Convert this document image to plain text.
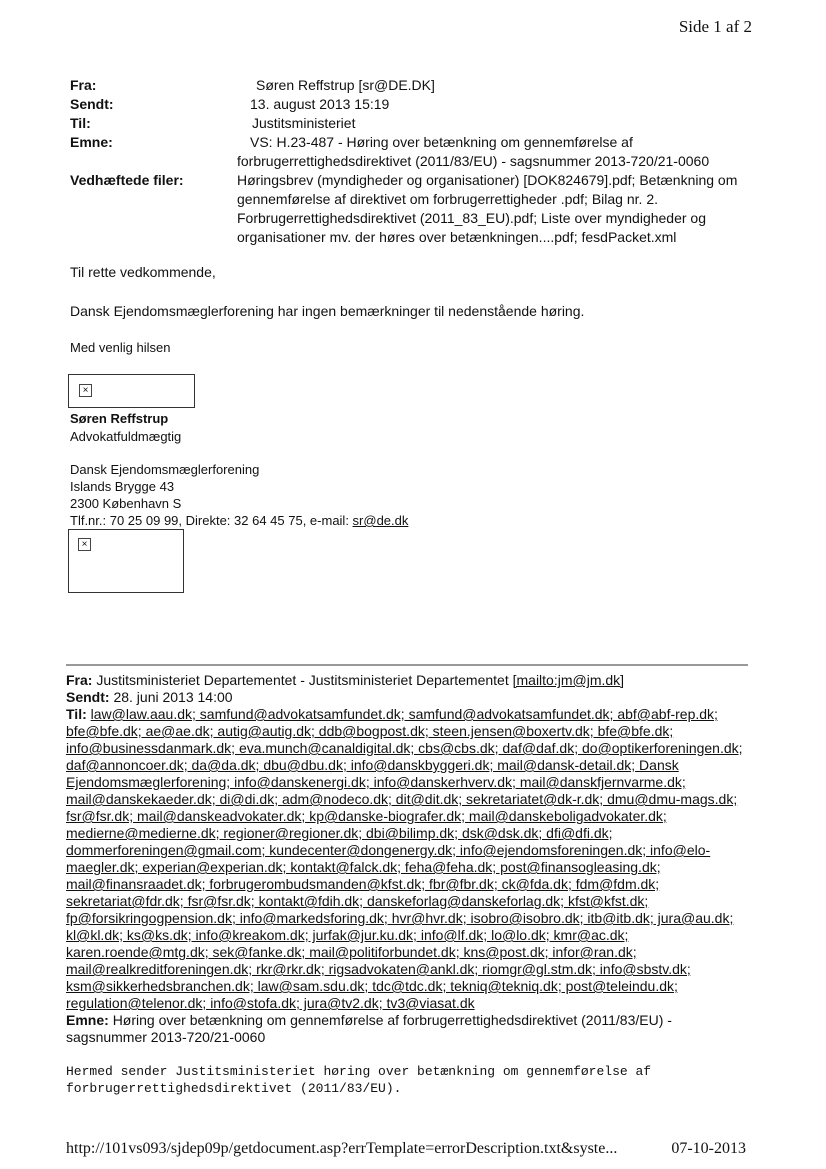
Side 1 af 2
Fra:	Søren Reffstrup [sr@DE.DK]
Sendt:	13. august 2013 15:19
Til:	Justitsministeriet
Emne:	VS: H.23-487 - Høring over betænkning om gennemførelse af
forbrugerrettighedsdirektivet (2011/83/EU) - sagsnummer 2013-720/21-0060
Vedhæftede filer:	Høringsbrev (myndigheder og organisationer) [DOK824679].pdf; Betænkning om
gennemførelse af direktivet om forbrugerrettigheder .pdf; Bilag nr. 2.
Forbrugerrettighedsdirektivet (2011_83_EU).pdf; Liste over myndigheder og
organisationer mv. der høres over betænkningen....pdf; fesdPacket.xml
Til rette vedkommende,
Dansk Ejendomsmæglerforening har ingen bemærkninger til nedenstående høring.
Med venlig hilsen
×
Søren Reffstrup
Advokatfuldmægtig
Dansk Ejendomsmæglerforening
Islands Brygge 43
2300 København S
Tlf.nr.: 70 25 09 99, Direkte: 32 64 45 75, e-mail: sr@de.dk
×
Fra: Justitsministeriet Departementet - Justitsministeriet Departementet [mailto:jm@jm.dk]
Sendt: 28. juni 2013 14:00
Til: law@law.aau.dk; samfund@advokatsamfundet.dk; samfund@advokatsamfundet.dk; abf@abf-rep.dk;
bfe@bfe.dk; ae@ae.dk; autig@autig.dk; ddb@bogpost.dk; steen.jensen@boxertv.dk; bfe@bfe.dk;
info@businessdanmark.dk; eva.munch@canaldigital.dk; cbs@cbs.dk; daf@daf.dk; do@optikerforeningen.dk;
daf@annoncoer.dk; da@da.dk; dbu@dbu.dk; info@danskbyggeri.dk; mail@dansk-detail.dk; Dansk
Ejendomsmæglerforening; info@danskenergi.dk; info@danskerhverv.dk; mail@danskfjernvarme.dk;
mail@danskekaeder.dk; di@di.dk; adm@nodeco.dk; dit@dit.dk; sekretariatet@dk-r.dk; dmu@dmu-mags.dk;
fsr@fsr.dk; mail@danskeadvokater.dk; kp@danske-biografer.dk; mail@danskeboligadvokater.dk;
medierne@medierne.dk; regioner@regioner.dk; dbi@bilimp.dk; dsk@dsk.dk; dfi@dfi.dk;
dommerforeningen@gmail.com; kundecenter@dongenergy.dk; info@ejendomsforeningen.dk; info@elo-
maegler.dk; experian@experian.dk; kontakt@falck.dk; feha@feha.dk; post@finansogleasing.dk;
mail@finansraadet.dk; forbrugerombudsmanden@kfst.dk; fbr@fbr.dk; ck@fda.dk; fdm@fdm.dk;
sekretariat@fdr.dk; fsr@fsr.dk; kontakt@fdih.dk; danskeforlag@danskeforlag.dk; kfst@kfst.dk;
fp@forsikringogpension.dk; info@markedsforing.dk; hvr@hvr.dk; isobro@isobro.dk; itb@itb.dk; jura@au.dk;
kl@kl.dk; ks@ks.dk; info@kreakom.dk; jurfak@jur.ku.dk; info@lf.dk; lo@lo.dk; kmr@ac.dk;
karen.roende@mtg.dk; sek@fanke.dk; mail@politiforbundet.dk; kns@post.dk; infor@ran.dk;
mail@realkreditforeningen.dk; rkr@rkr.dk; rigsadvokaten@ankl.dk; riomgr@gl.stm.dk; info@sbstv.dk;
ksm@sikkerhedsbranchen.dk; law@sam.sdu.dk; tdc@tdc.dk; tekniq@tekniq.dk; post@teleindu.dk;
regulation@telenor.dk; info@stofa.dk; jura@tv2.dk; tv3@viasat.dk
Emne: Høring over betænkning om gennemførelse af forbrugerrettighedsdirektivet (2011/83/EU) -
sagsnummer 2013-720/21-0060
Hermed sender Justitsministeriet høring over betænkning om gennemførelse af
forbrugerrettighedsdirektivet (2011/83/EU).
http://101vs093/sjdep09p/getdocument.asp?errTemplate=errorDescription.txt&syste...	07-10-2013
